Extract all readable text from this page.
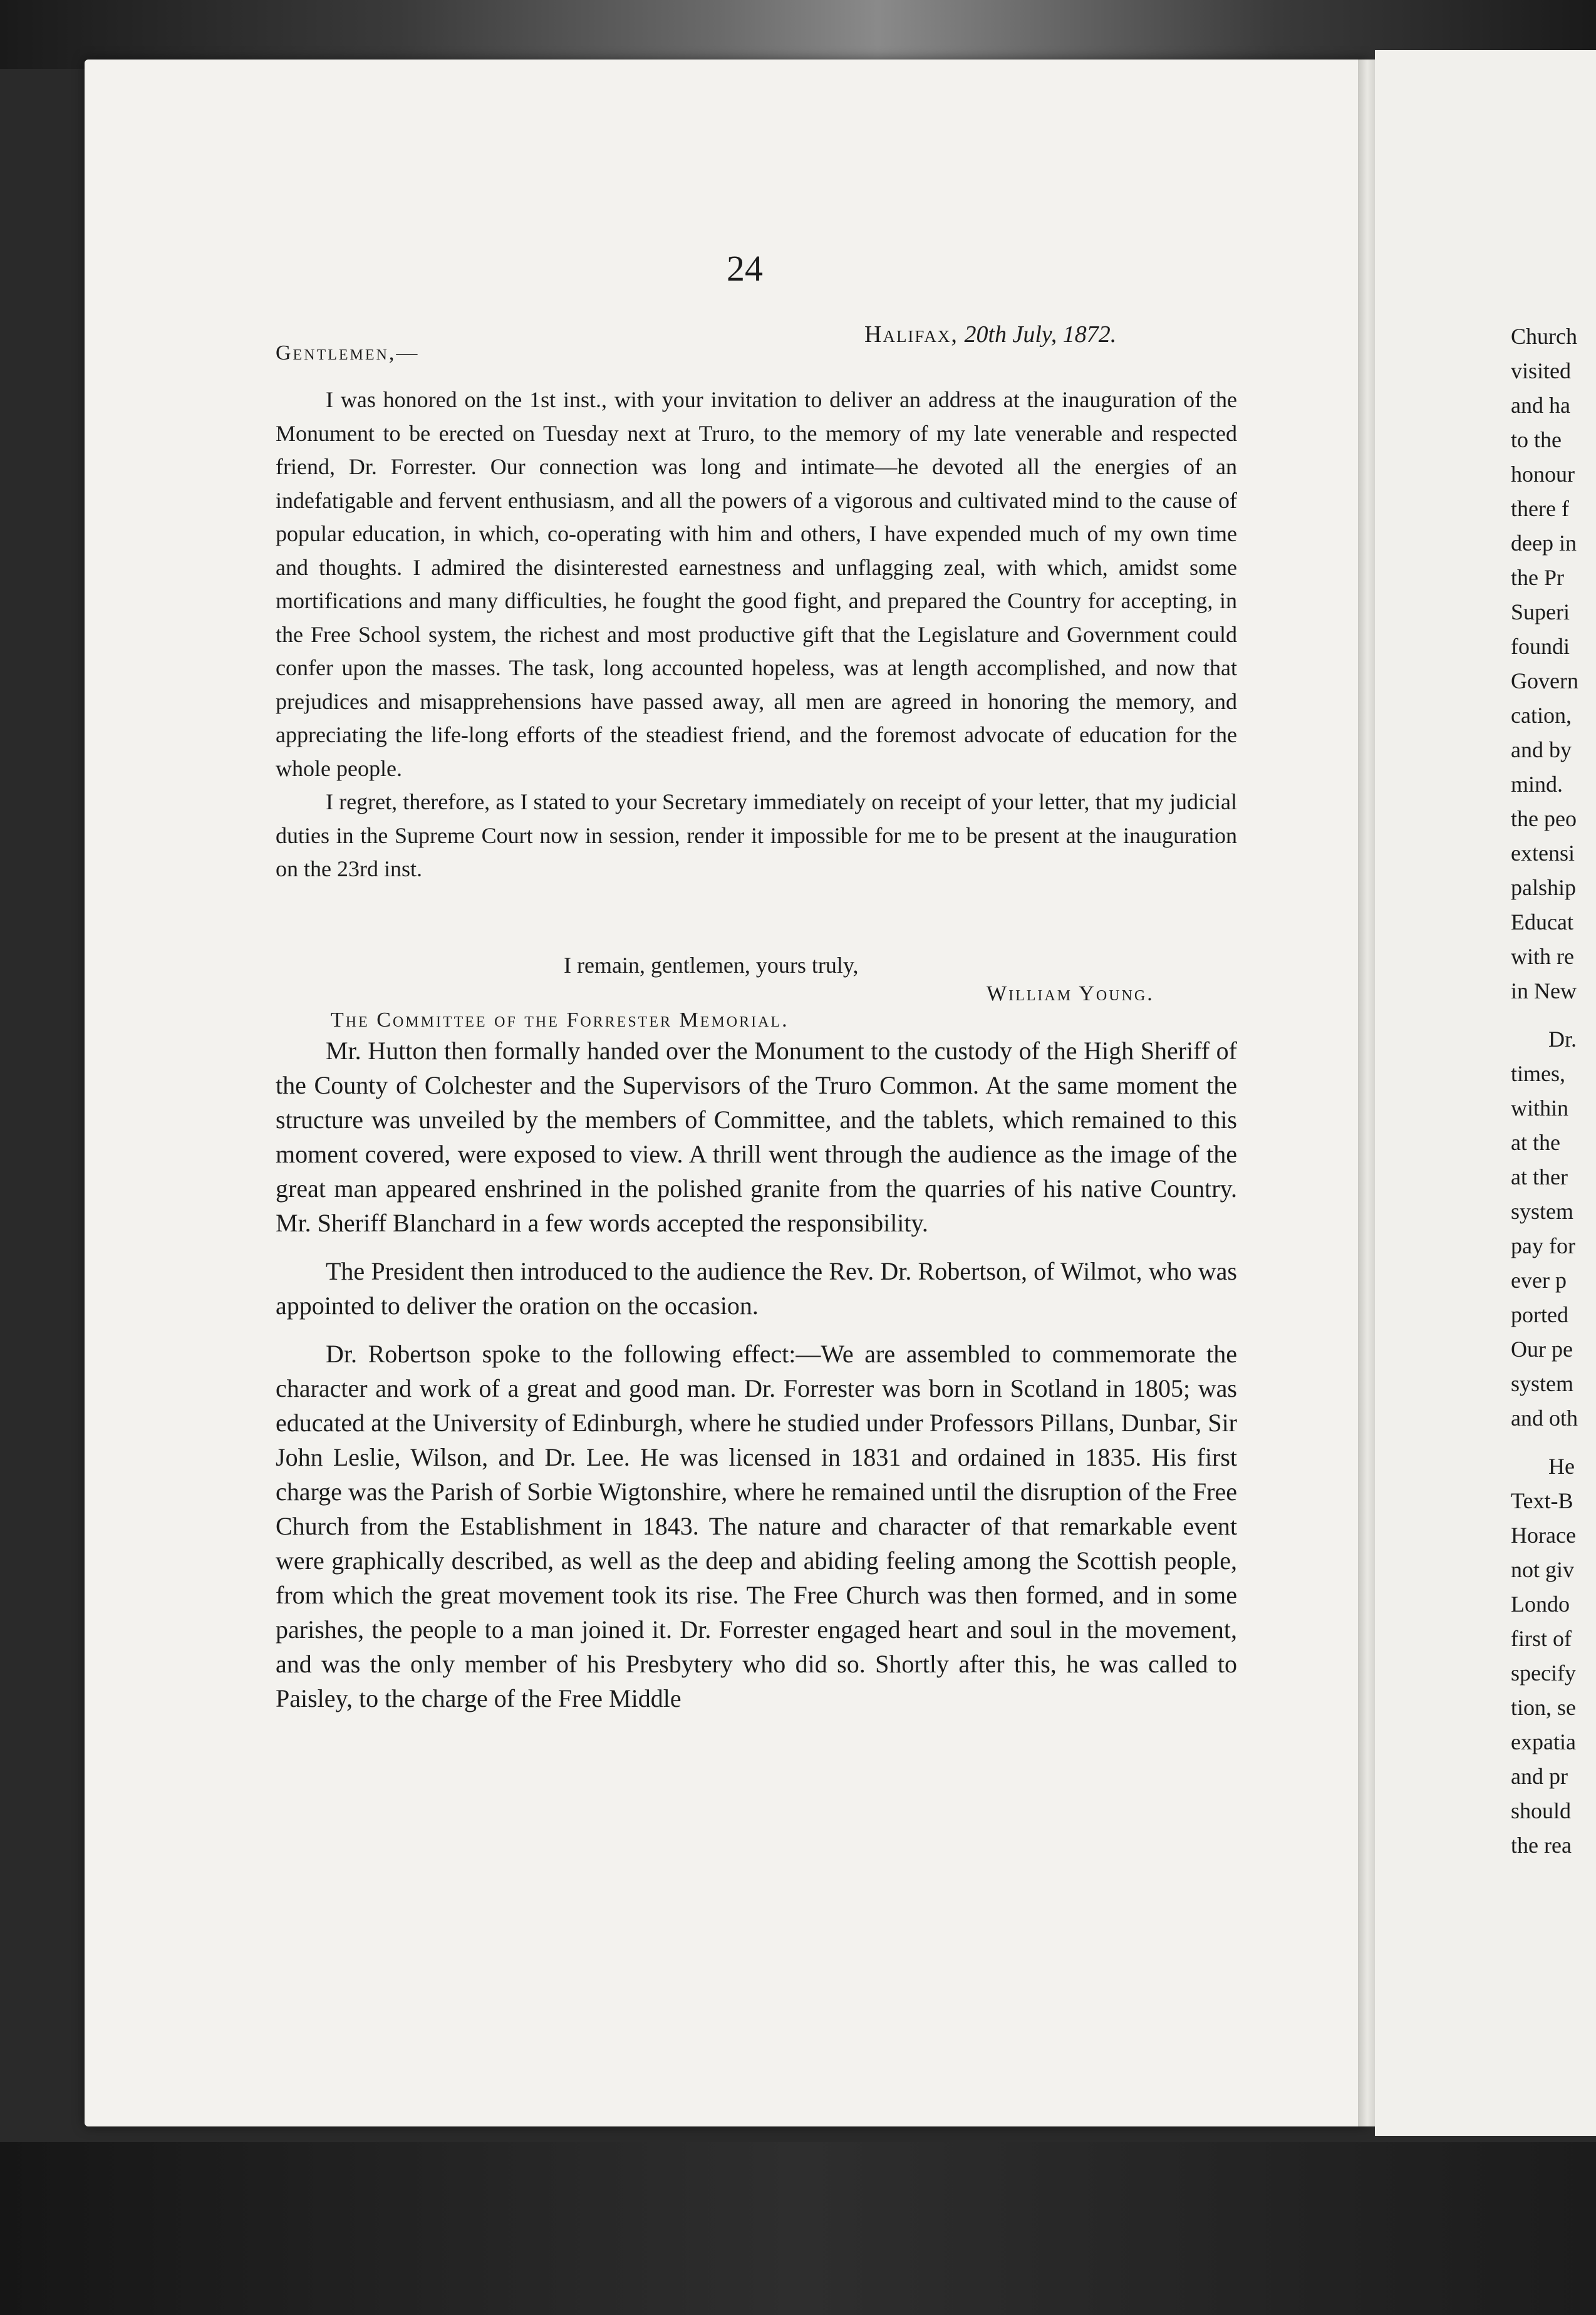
24

Halifax, 20th July, 1872.

Gentlemen,—

I was honored on the 1st inst., with your invitation to deliver an address at the inauguration of the Monument to be erected on Tuesday next at Truro, to the memory of my late venerable and respected friend, Dr. Forrester. Our connection was long and intimate—he devoted all the energies of an indefatigable and fervent enthusiasm, and all the powers of a vigorous and cultivated mind to the cause of popular education, in which, co-operating with him and others, I have expended much of my own time and thoughts. I admired the disinterested earnestness and unflagging zeal, with which, amidst some mortifications and many difficulties, he fought the good fight, and prepared the Country for accepting, in the Free School system, the richest and most productive gift that the Legislature and Government could confer upon the masses. The task, long accounted hopeless, was at length accomplished, and now that prejudices and misapprehensions have passed away, all men are agreed in honoring the memory, and appreciating the life-long efforts of the steadiest friend, and the foremost advocate of education for the whole people.

I regret, therefore, as I stated to your Secretary immediately on receipt of your letter, that my judicial duties in the Supreme Court now in session, render it impossible for me to be present at the inauguration on the 23rd inst.

I remain, gentlemen, yours truly,

William Young.

The Committee of the Forrester Memorial.

Mr. Hutton then formally handed over the Monument to the custody of the High Sheriff of the County of Colchester and the Supervisors of the Truro Common. At the same moment the structure was unveiled by the members of Committee, and the tablets, which remained to this moment covered, were exposed to view. A thrill went through the audience as the image of the great man appeared enshrined in the polished granite from the quarries of his native Country. Mr. Sheriff Blanchard in a few words accepted the responsibility.

The President then introduced to the audience the Rev. Dr. Robertson, of Wilmot, who was appointed to deliver the oration on the occasion.

Dr. Robertson spoke to the following effect:—We are assembled to commemorate the character and work of a great and good man. Dr. Forrester was born in Scotland in 1805; was educated at the University of Edinburgh, where he studied under Professors Pillans, Dunbar, Sir John Leslie, Wilson, and Dr. Lee. He was licensed in 1831 and ordained in 1835. His first charge was the Parish of Sorbie Wigtonshire, where he remained until the disruption of the Free Church from the Establishment in 1843. The nature and character of that remarkable event were graphically described, as well as the deep and abiding feeling among the Scottish people, from which the great movement took its rise. The Free Church was then formed, and in some parishes, the people to a man joined it. Dr. Forrester engaged heart and soul in the movement, and was the only member of his Presbytery who did so. Shortly after this, he was called to Paisley, to the charge of the Free Middle

Church
visited
and ha
to the
honour
there f
deep in
the Pr
Superi
foundi
Govern
cation,
and by
mind.
the peo
extensi
palship
Educat
with re
in New
Dr.
times,
within
at the
at ther
system
pay for
ever p
ported
Our pe
system
and oth
He
Text-B
Horace
not giv
Londo
first of
specify
tion, se
expatia
and pr
should
the rea
